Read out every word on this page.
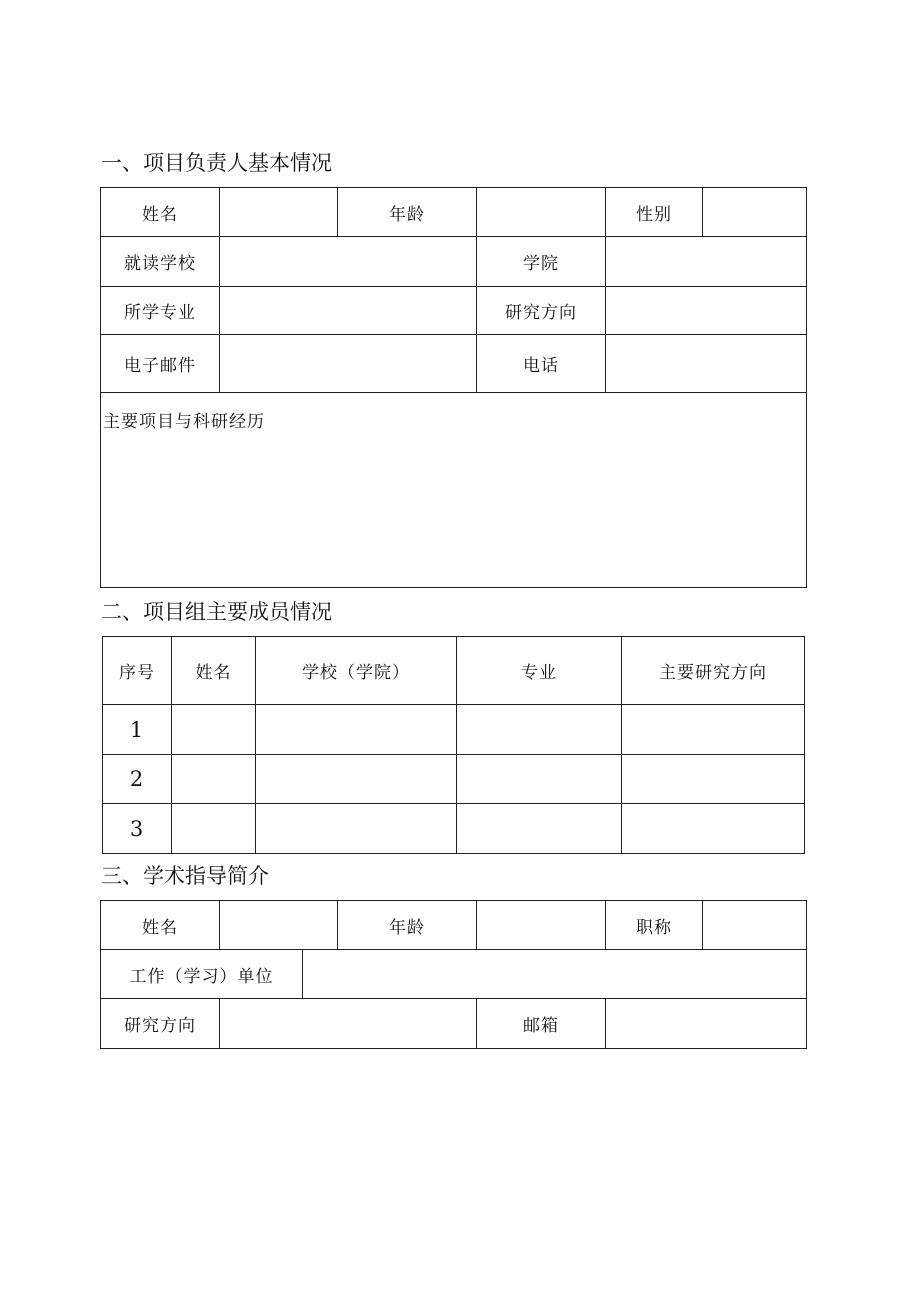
一、项目负责人基本情况
姓名		年龄		性别	
就读学校			学院		
所学专业			研究方向		
电子邮件			电话		
主要项目与科研经历					
二、项目组主要成员情况
序号	姓名	学校（学院）	专业	主要研究方向
1				
2				
3				
三、学术指导简介
姓名			年龄		职称	
工作（学习）单位						
研究方向				邮箱		
